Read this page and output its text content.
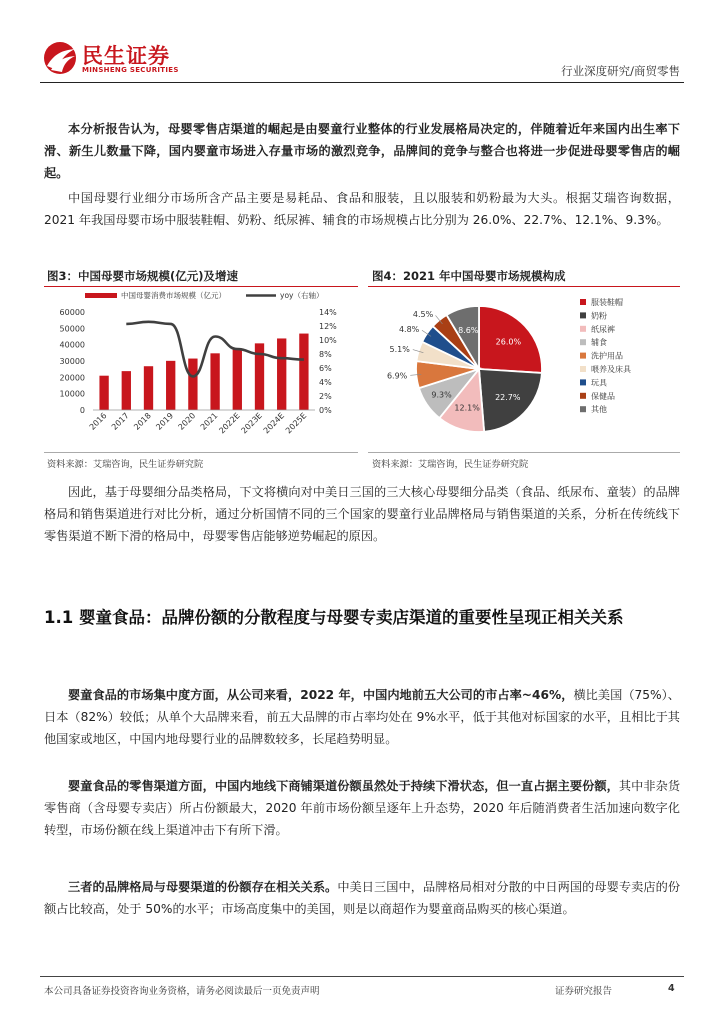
民生证券
MINSHENG SECURITIES	行业深度研究/商贸零售
本分析报告认为，母婴零售店渠道的崛起是由婴童行业整体的行业发展格局决定的，伴随着近年来国内出生率下滑、新生儿数量下降，国内婴童市场进入存量市场的激烈竞争，品牌间的竞争与整合也将进一步促进母婴零售店的崛起。
中国母婴行业细分市场所含产品主要是易耗品、食品和服装，且以服装和奶粉最为大头。根据艾瑞咨询数据，2021 年我国母婴市场中服装鞋帽、奶粉、纸尿裤、辅食的市场规模占比分别为 26.0%、22.7%、12.1%、9.3%。
图3：中国母婴市场规模(亿元)及增速
中国母婴消费市场规模（亿元）	yoy（右轴）
0
10000
20000
30000
40000
50000
60000
0%
2%
4%
6%
8%
10%
12%
14%
2016 2017 2018 2019 2020 2021
2022E
2023E
2024E
2025E
资料来源：艾瑞咨询，民生证券研究院
图4：2021 年中国母婴市场规模构成
26.0%
22.7%
12.1%
9.3%
6.9%
5.1%
4.8%
4.5%
8.6%
服装鞋帽
奶粉
纸尿裤
辅食
洗护用品
喂养及床具
玩具
保健品
其他
资料来源：艾瑞咨询，民生证券研究院
因此，基于母婴细分品类格局，下文将横向对中美日三国的三大核心母婴细分品类（食品、纸尿布、童装）的品牌格局和销售渠道进行对比分析，通过分析国情不同的三个国家的婴童行业品牌格局与销售渠道的关系，分析在传统线下零售渠道不断下滑的格局中，母婴零售店能够逆势崛起的原因。
1.1 婴童食品：品牌份额的分散程度与母婴专卖店渠道的重要性呈现正相关关系
婴童食品的市场集中度方面，从公司来看，2022 年，中国内地前五大公司的市占率~46%，横比美国（75%）、日本（82%）较低；从单个大品牌来看，前五大品牌的市占率均处在 9%水平，低于其他对标国家的水平，且相比于其他国家或地区，中国内地母婴行业的品牌数较多，长尾趋势明显。
婴童食品的零售渠道方面，中国内地线下商铺渠道份额虽然处于持续下滑状态，但一直占据主要份额，其中非杂货零售商（含母婴专卖店）所占份额最大，2020 年前市场份额呈逐年上升态势，2020 年后随消费者生活加速向数字化转型，市场份额在线上渠道冲击下有所下滑。
三者的品牌格局与母婴渠道的份额存在相关关系。中美日三国中，品牌格局相对分散的中日两国的母婴专卖店的份额占比较高，处于 50%的水平；市场高度集中的美国，则是以商超作为婴童商品购买的核心渠道。
本公司具备证券投资咨询业务资格，请务必阅读最后一页免责声明	证券研究报告	4
